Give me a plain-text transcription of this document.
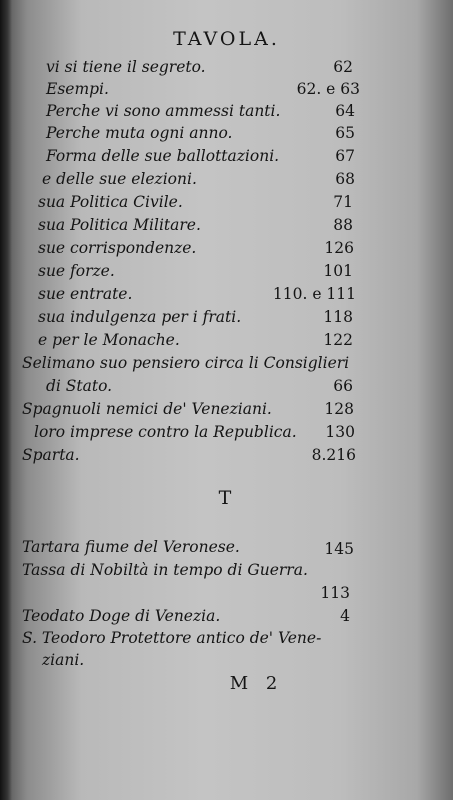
TAVOLA.
vi si tiene il segreto.	62
Esempi.	62. e 63
Perche vi sono ammessi tanti.	64
Perche muta ogni anno.	65
Forma delle sue ballottazioni.	67
e delle sue elezioni.	68
sua Politica Civile.	71
sua Politica Militare.	88
sue corrispondenze.	126
sue forze.	101
sue entrate.	110. e 111
sua indulgenza per i frati.	118
e per le Monache.	122
Selimano suo pensiero circa li Consiglieri
di Stato.	66
Spagnuoli nemici de' Veneziani.	128
loro imprese contro la Republica.	130
Sparta.	8.216
T
Tartara fiume del Veronese.	145
Tassa di Nobiltà in tempo di Guerra.
113
Teodato Doge di Venezia.	4
S. Teodoro Protettore antico de' Vene-
ziani.
M 2
